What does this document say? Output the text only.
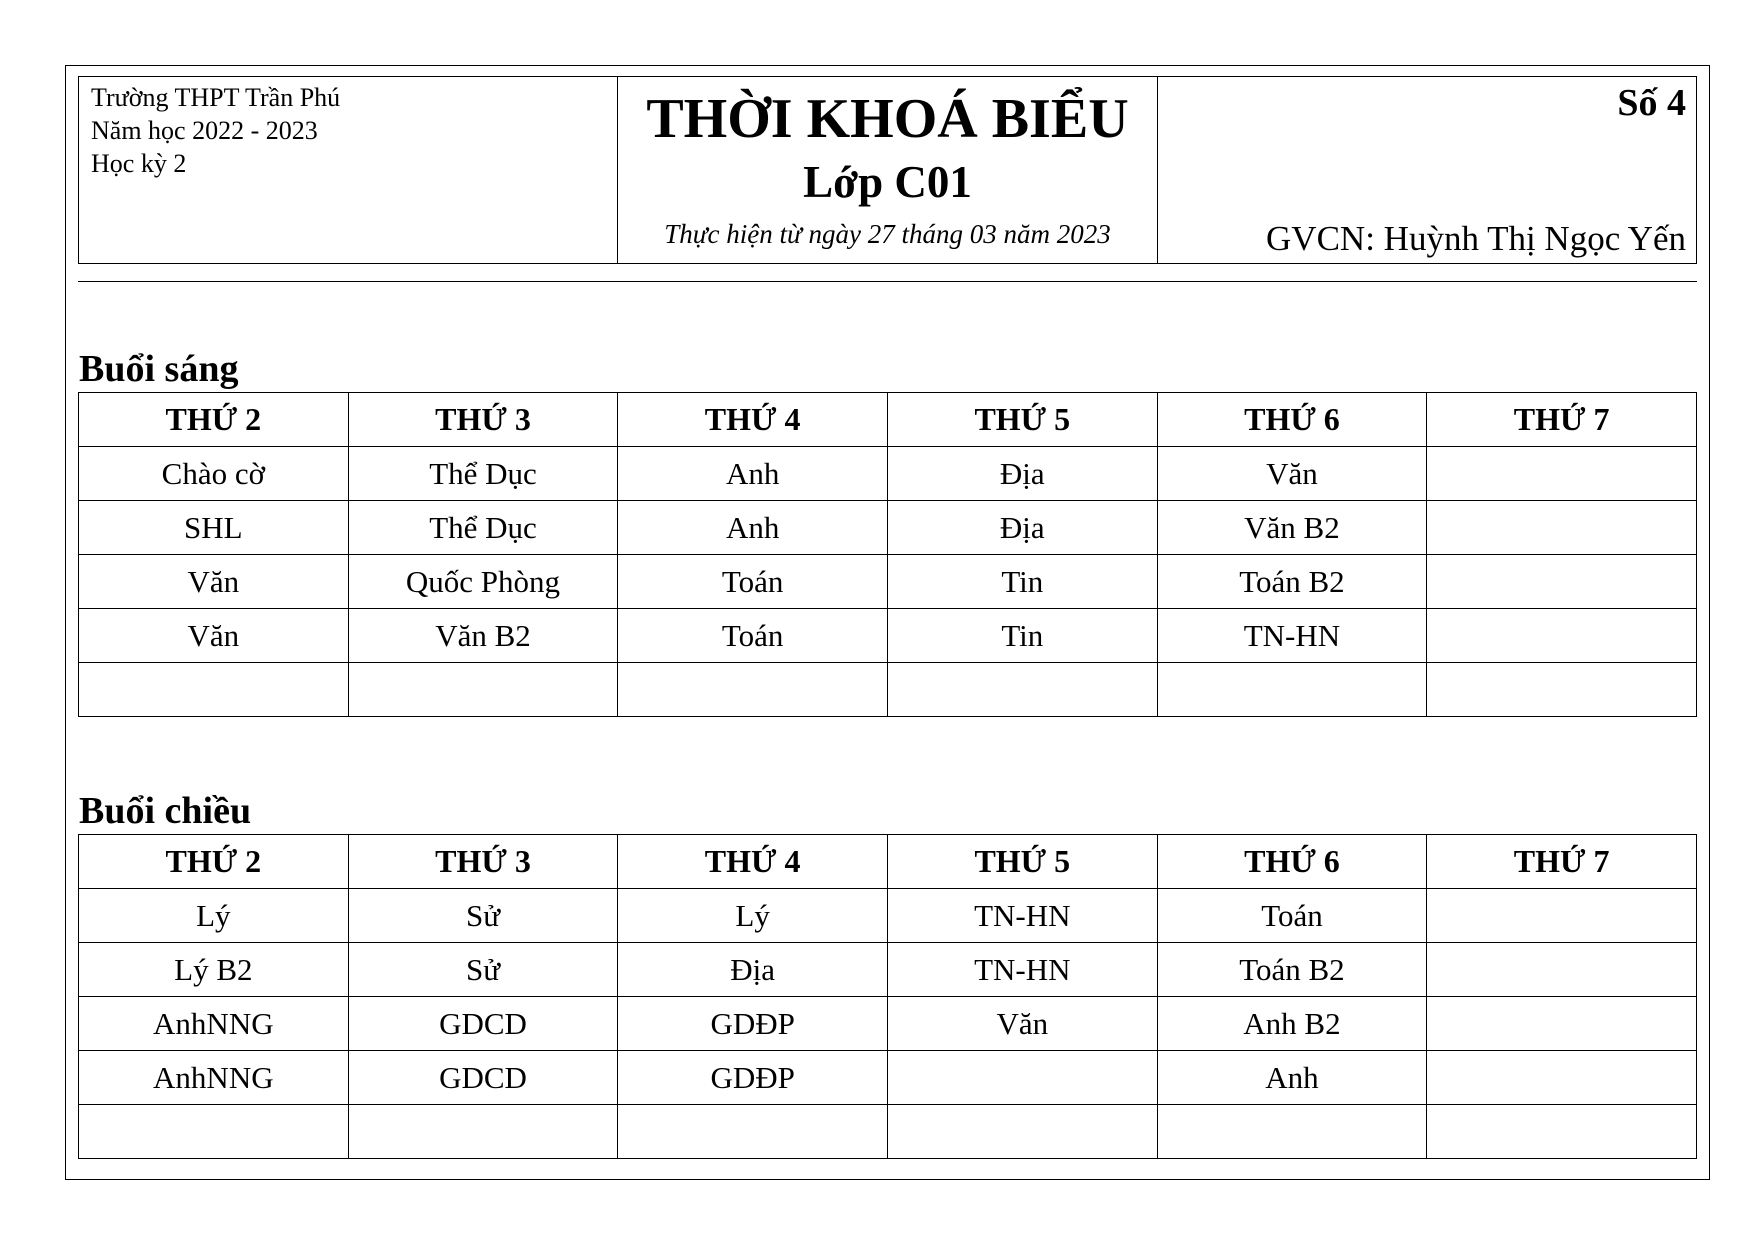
Trường THPT Trần Phú
Năm học 2022 - 2023
Học kỳ 2
THỜI KHOÁ BIỂU
Lớp C01
Thực hiện từ ngày 27 tháng 03 năm 2023
Số 4
GVCN: Huỳnh Thị Ngọc Yến
Buổi sáng
THỨ 2	THỨ 3	THỨ 4	THỨ 5	THỨ 6	THỨ 7
Chào cờ	Thể Dục	Anh	Địa	Văn	
SHL	Thể Dục	Anh	Địa	Văn B2	
Văn	Quốc Phòng	Toán	Tin	Toán B2	
Văn	Văn B2	Toán	Tin	TN-HN	

Buổi chiều
THỨ 2	THỨ 3	THỨ 4	THỨ 5	THỨ 6	THỨ 7
Lý	Sử	Lý	TN-HN	Toán	
Lý B2	Sử	Địa	TN-HN	Toán B2	
AnhNNG	GDCD	GDĐP	Văn	Anh B2	
AnhNNG	GDCD	GDĐP		Anh	
